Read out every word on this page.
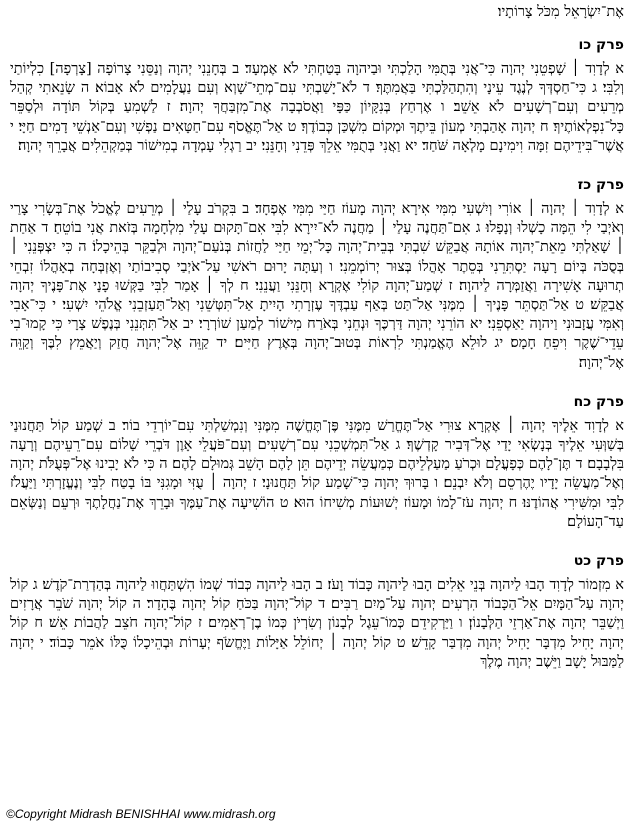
אֶת־יִשְׂרָאֵל מִכֹּל צָרוֹתָיו׃

פרק כו

א לְדָוִד ׀ שָׁפְטֵנִי יְהוָה כִּי־אֲנִי בְּתֻמִּי הָלַכְתִּי וּבַיהוָה בָּטַחְתִּי לֹא אֶמְעָד׃ ב בְּחָנֵנִי יְהוָה וְנַסֵּנִי צָרוֹפָה [צָרְפָה] כִלְיוֹתַי וְלִבִּי׃ ג כִּי־חַסְדְּךָ לְנֶגֶד עֵינָי וְהִתְהַלַּכְתִּי בַּאֲמִתֶּךָ׃ ד לֹא־יָשַׁבְתִּי עִם־מְתֵי־שָׁוְא וְעִם נַעֲלָמִים לֹא אָבוֹא׃ ה שָׂנֵאתִי קְהַל מְרֵעִים וְעִם־רְשָׁעִים לֹא אֵשֵׁב׃ ו אֶרְחַץ בְּנִקָּיוֹן כַּפָּי וַאֲסֹבְבָה אֶת־מִזְבַּחֲךָ יְהוָה׃ ז לַשְׁמִעַ בְּקוֹל תּוֹדָה וּלְסַפֵּר כָּל־נִפְלְאוֹתֶיךָ׃ ח יְהוָה אָהַבְתִּי מְעוֹן בֵּיתֶךָ וּמְקוֹם מִשְׁכַּן כְּבוֹדֶךָ׃ ט אַל־תֶּאֱסֹף עִם־חַטָּאִים נַפְשִׁי וְעִם־אַנְשֵׁי דָמִים חַיָּי׃ י אֲשֶׁר־בִּידֵיהֶם זִמָּה וִימִינָם מָלְאָה שֹּׁחַד׃ יא וַאֲנִי בְּתֻמִּי אֵלֵךְ פְּדֵנִי וְחָנֵּנִי׃ יב רַגְלִי עָמְדָה בְמִישׁוֹר בְּמַקְהֵלִים אֲבָרֵךְ יְהוָה׃

פרק כז

א לְדָוִד ׀ יְהוָה ׀ אוֹרִי וְיִשְׁעִי מִמִּי אִירָא יְהוָה מָעוֹז חַיַּי מִמִּי אֶפְחָד׃ ב בִּקְרֹב עָלַי ׀ מְרֵעִים לֶאֱכֹל אֶת־בְּשָׂרִי צָרַי וְאֹיְבַי לִי הֵמָּה כָשְׁלוּ וְנָפָלוּ׃ ג אִם־תַּחֲנֶה עָלַי ׀ מַחֲנֶה לֹא־יִירָא לִבִּי אִם־תָּקוּם עָלַי מִלְחָמָה בְּזֹאת אֲנִי בוֹטֵחַ׃ ד אַחַת ׀ שָׁאַלְתִּי מֵאֵת־יְהוָה אוֹתָהּ אֲבַקֵּשׁ שִׁבְתִּי בְּבֵית־יְהוָה כָּל־יְמֵי חַיַּי לַחֲזוֹת בְּנֹעַם־יְהוָה וּלְבַקֵּר בְּהֵיכָלוֹ׃ ה כִּי יִצְפְּנֵנִי ׀ בְּסֻכֹּה בְּיוֹם רָעָה יַסְתִּרֵנִי בְּסֵתֶר אָהֳלוֹ בְּצוּר יְרוֹמְמֵנִי׃ ו וְעַתָּה יָרוּם רֹאשִׁי עַל־אֹיְבַי סְבִיבוֹתַי וְאֶזְבְּחָה בְאָהֳלוֹ זִבְחֵי תְרוּעָה אָשִׁירָה וַאֲזַמְּרָה לַיהוָה׃ ז שְׁמַע־יְהוָה קוֹלִי אֶקְרָא וְחָנֵּנִי וַעֲנֵנִי׃ ח לְךָ ׀ אָמַר לִבִּי בַּקְּשׁוּ פָנָי אֶת־פָּנֶיךָ יְהוָה אֲבַקֵּשׁ׃ ט אַל־תַּסְתֵּר פָּנֶיךָ ׀ מִמֶּנִּי אַל־תַּט בְּאַף עַבְדֶּךָ עֶזְרָתִי הָיִיתָ אַל־תִּטְּשֵׁנִי וְאַל־תַּעַזְבֵנִי אֱלֹהֵי יִשְׁעִי׃ י כִּי־אָבִי וְאִמִּי עֲזָבוּנִי וַיהוָה יַאַסְפֵנִי׃ יא הוֹרֵנִי יְהוָה דַּרְכֶּךָ וּנְחֵנִי בְּאֹרַח מִישׁוֹר לְמַעַן שׁוֹרְרָי׃ יב אַל־תִּתְּנֵנִי בְּנֶפֶשׁ צָרָי כִּי קָמוּ־בִי עֵדֵי־שֶׁקֶר וִיפֵחַ חָמָס׃ יג לוּלֵא הֶאֱמַנְתִּי לִרְאוֹת בְּטוּב־יְהוָה בְּאֶרֶץ חַיִּים׃ יד קַוֵּה אֶל־יְהוָה חֲזַק וְיַאֲמֵץ לִבֶּךָ וְקַוֵּה אֶל־יְהוָה׃

פרק כח

א לְדָוִד אֵלֶיךָ יְהוָה ׀ אֶקְרָא צוּרִי אַל־תֶּחֱרַשׁ מִמֶּנִּי פֶּן־תֶּחֱשֶׁה מִמֶּנִּי וְנִמְשַׁלְתִּי עִם־יוֹרְדֵי בוֹר׃ ב שְׁמַע קוֹל תַּחֲנוּנַי בְּשַׁוְּעִי אֵלֶיךָ בְּנָשְׂאִי יָדַי אֶל־דְּבִיר קָדְשֶׁךָ׃ ג אַל־תִּמְשְׁכֵנִי עִם־רְשָׁעִים וְעִם־פֹּעֲלֵי אָוֶן דֹּבְרֵי שָׁלוֹם עִם־רֵעֵיהֶם וְרָעָה בִּלְבָבָם׃ ד תֶּן־לָהֶם כְּפָעֳלָם וּכְרֹעַ מַעַלְלֵיהֶם כְּמַעֲשֵׂה יְדֵיהֶם תֵּן לָהֶם הָשֵׁב גְּמוּלָם לָהֶם׃ ה כִּי לֹא יָבִינוּ אֶל־פְּעֻלֹּת יְהוָה וְאֶל־מַעֲשֵׂה יָדָיו יֶהֶרְסֵם וְלֹא יִבְנֵם׃ ו בָּרוּךְ יְהוָה כִּי־שָׁמַע קוֹל תַּחֲנוּנָי׃ ז יְהוָה ׀ עֻזִּי וּמָגִנִּי בּוֹ בָטַח לִבִּי וְנֶעֱזָרְתִּי וַיַּעֲלֹז לִבִּי וּמִשִּׁירִי אֲהוֹדֶנּוּ׃ ח יְהוָה עֹז־לָמוֹ וּמָעוֹז יְשׁוּעוֹת מְשִׁיחוֹ הוּא׃ ט הוֹשִׁיעָה אֶת־עַמֶּךָ וּבָרֵךְ אֶת־נַחֲלָתֶךָ וּרְעֵם וְנַשְּׂאֵם עַד־הָעוֹלָם׃

פרק כט

א מִזְמוֹר לְדָוִד הָבוּ לַיהוָה בְּנֵי אֵלִים הָבוּ לַיהוָה כָּבוֹד וָעֹז׃ ב הָבוּ לַיהוָה כְּבוֹד שְׁמוֹ הִשְׁתַּחֲווּ לַיהוָה בְּהַדְרַת־קֹדֶשׁ׃ ג קוֹל יְהוָה עַל־הַמָּיִם אֵל־הַכָּבוֹד הִרְעִים יְהוָה עַל־מַיִם רַבִּים׃ ד קוֹל־יְהוָה בַּכֹּחַ קוֹל יְהוָה בֶּהָדָר׃ ה קוֹל יְהוָה שֹׁבֵר אֲרָזִים וַיְשַׁבֵּר יְהוָה אֶת־אַרְזֵי הַלְּבָנוֹן׃ ו וַיַּרְקִידֵם כְּמוֹ־עֵגֶל לְבָנוֹן וְשִׂרְיֹן כְּמוֹ בֶן־רְאֵמִים׃ ז קוֹל־יְהוָה חֹצֵב לַהֲבוֹת אֵשׁ׃ ח קוֹל יְהוָה יָחִיל מִדְבָּר יָחִיל יְהוָה מִדְבַּר קָדֵשׁ׃ ט קוֹל יְהוָה ׀ יְחוֹלֵל אַיָּלוֹת וַיֶּחֱשֹׂף יְעָרוֹת וּבְהֵיכָלוֹ כֻּלּוֹ אֹמֵר כָּבוֹד׃ י יְהוָה לַמַּבּוּל יָשָׁב וַיֵּשֶׁב יְהוָה מֶלֶךְ

©Copyright Midrash BENISHHAI www.midrash.org
